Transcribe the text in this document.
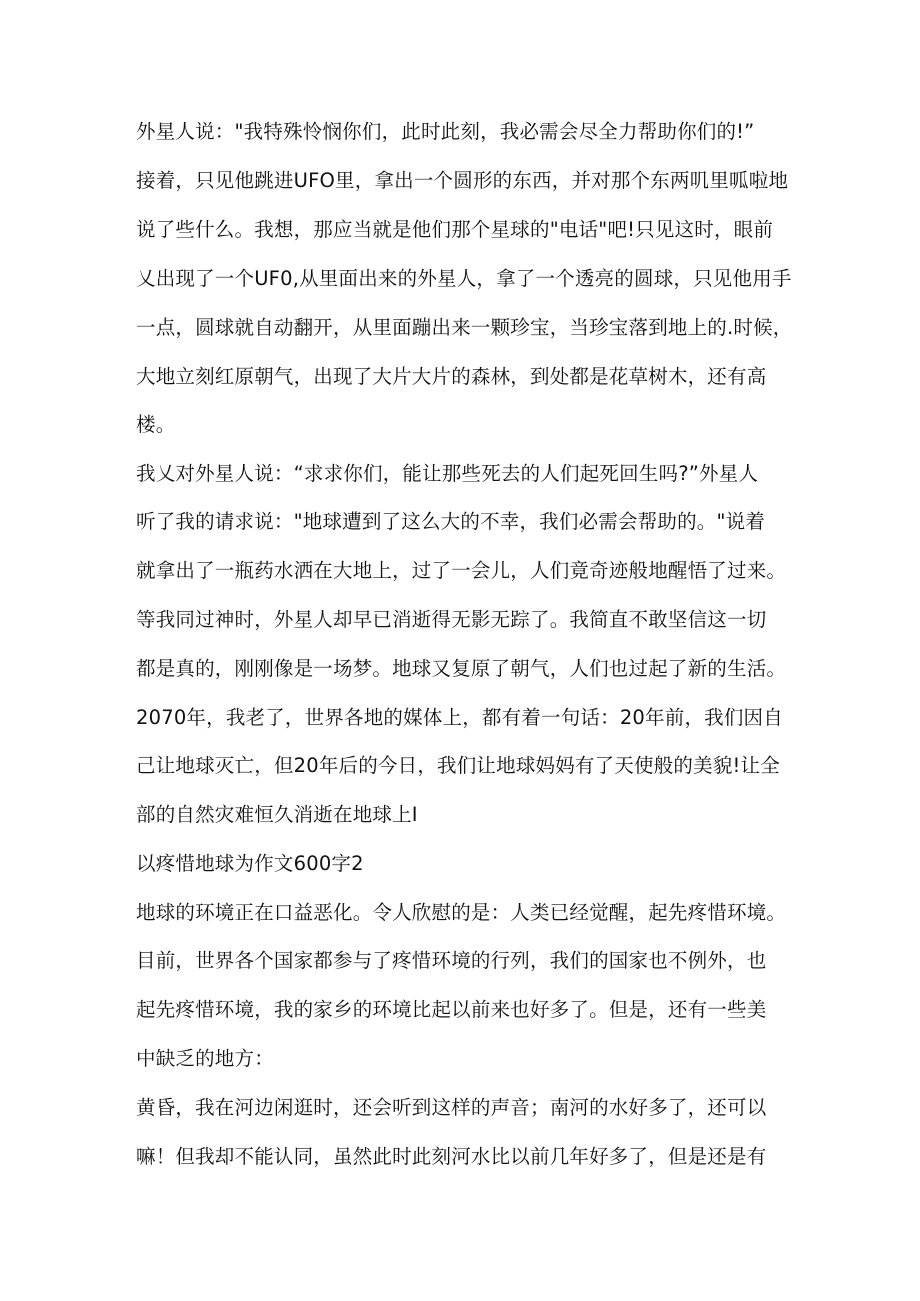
外星人说："我特殊怜悯你们，此时此刻，我必需会尽全力帮助你们的!”
接着，只见他跳进UFO里，拿出一个圆形的东西，并对那个东两叽里呱啦地
说了些什么。我想，那应当就是他们那个星球的"电话"吧!只见这时，眼前
乂出现了一个UF0,从里面出来的外星人，拿了一个透亮的圆球，只见他用手
一点，圆球就自动翻开，从里面蹦出来一颗珍宝，当珍宝落到地上的.时候，
大地立刻红原朝气，出现了大片大片的森林，到处都是花草树木，还有高
楼。
我乂对外星人说：“求求你们，能让那些死去的人们起死回生吗?”外星人
听了我的请求说："地球遭到了这么大的不幸，我们必需会帮助的。"说着
就拿出了一瓶药水洒在大地上，过了一会儿，人们竟奇迹般地醒悟了过来。
等我同过神时，外星人却早已消逝得无影无踪了。我简直不敢坚信这一切
都是真的，刚刚像是一场梦。地球又复原了朝气，人们也过起了新的生活。
2070年，我老了，世界各地的媒体上，都有着一句话：20年前，我们因自
己让地球灭亡，但20年后的今日，我们让地球妈妈有了天使般的美貌!让全
部的自然灾难恒久消逝在地球上I
以疼惜地球为作文600字2
地球的环境正在口益恶化。令人欣慰的是：人类已经觉醒，起先疼惜环境。
目前，世界各个国家都参与了疼惜环境的行列，我们的国家也不例外，也
起先疼惜环境，我的家乡的环境比起以前来也好多了。但是，还有一些美
中缺乏的地方：
黄昏，我在河边闲逛时，还会听到这样的声音；南河的水好多了，还可以
嘛！但我却不能认同，虽然此时此刻河水比以前几年好多了，但是还是有
